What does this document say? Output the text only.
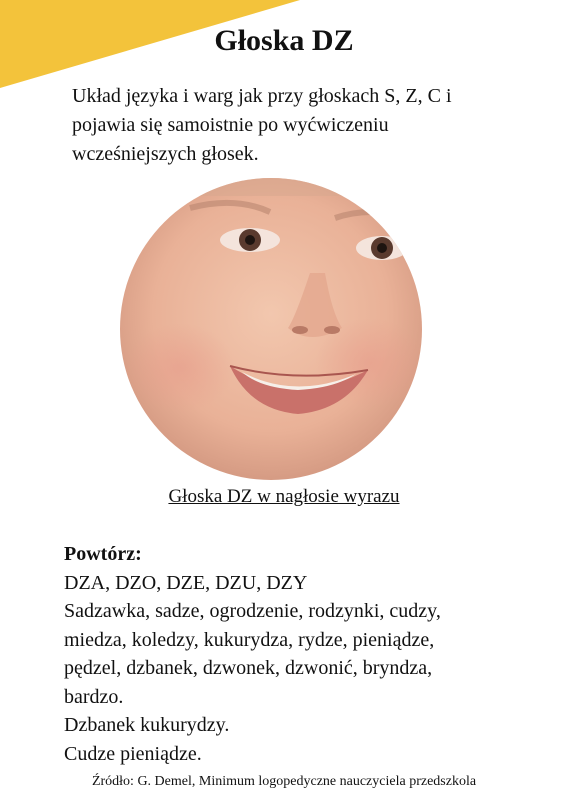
Głoska DZ
Układ języka i warg jak przy głoskach S, Z, C i
pojawia się samoistnie po wyćwiczeniu
wcześniejszych głosek.

Głoska DZ w nagłosie wyrazu

Powtórz:

DZA, DZO, DZE, DZU, DZY

Sadzawka, sadze, ogrodzenie, rodzynki, cudzy,

miedza, koledzy, kukurydza, rydze, pieniądze,

pędzel, dzbanek, dzwonek, dzwonić, bryndza,

bardzo.

Dzbanek kukurydzy.

Cudze pieniądze.

Źródło: G. Demel, Minimum logopedyczne nauczyciela przedszkola
